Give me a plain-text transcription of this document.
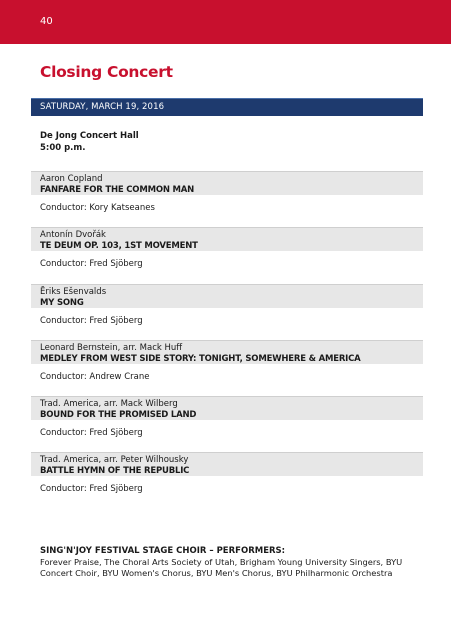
40
Closing Concert
SATURDAY, MARCH 19, 2016
De Jong Concert Hall
5:00 p.m.
Aaron Copland
FANFARE FOR THE COMMON MAN
Conductor: Kory Katseanes
Antonín Dvořák
TE DEUM OP. 103, 1ST MOVEMENT
Conductor: Fred Sjöberg
Ēriks Ešenvalds
MY SONG
Conductor: Fred Sjöberg
Leonard Bernstein, arr. Mack Huff
MEDLEY FROM WEST SIDE STORY: TONIGHT, SOMEWHERE & AMERICA
Conductor: Andrew Crane
Trad. America, arr. Mack Wilberg
BOUND FOR THE PROMISED LAND
Conductor: Fred Sjöberg
Trad. America, arr. Peter Wilhousky
BATTLE HYMN OF THE REPUBLIC
Conductor: Fred Sjöberg
SING'N'JOY FESTIVAL STAGE CHOIR – PERFORMERS:
Forever Praise, The Choral Arts Society of Utah, Brigham Young University Singers, BYU Concert Choir, BYU Women's Chorus, BYU Men's Chorus, BYU Philharmonic Orchestra
